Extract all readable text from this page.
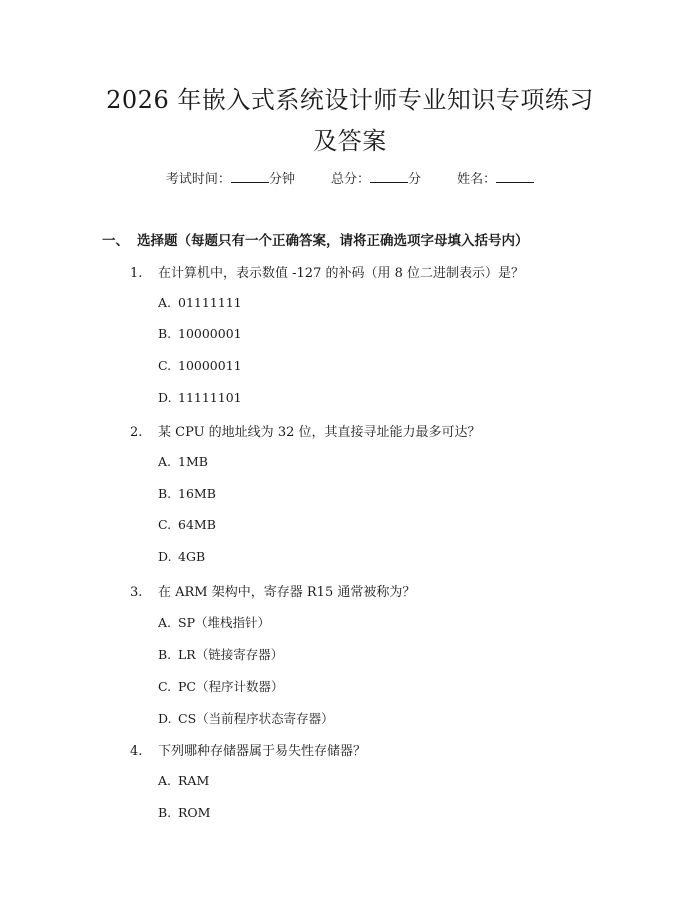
2026 年嵌入式系统设计师专业知识专项练习
及答案
考试时间：	分钟	总分：	分	姓名：
一、 选择题（每题只有一个正确答案，请将正确选项字母填入括号内）
1. 在计算机中，表示数值 -127 的补码（用 8 位二进制表示）是？
A. 01111111
B. 10000001
C. 10000011
D. 11111101
2. 某 CPU 的地址线为 32 位，其直接寻址能力最多可达？
A. 1MB
B. 16MB
C. 64MB
D. 4GB
3. 在 ARM 架构中，寄存器 R15 通常被称为？
A. SP（堆栈指针）
B. LR（链接寄存器）
C. PC（程序计数器）
D. CS（当前程序状态寄存器）
4. 下列哪种存储器属于易失性存储器？
A. RAM
B. ROM
